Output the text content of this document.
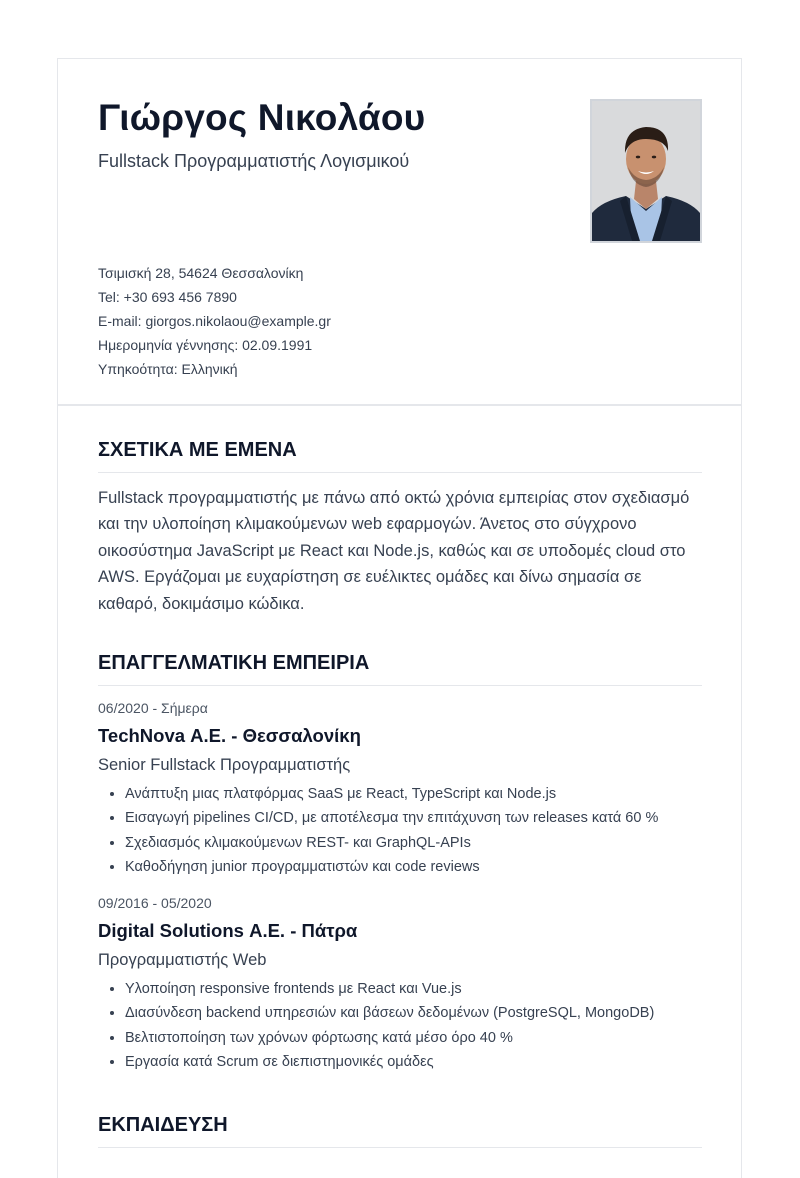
Γιώργος Νικολάου

Fullstack Προγραμματιστής Λογισμικού

Τσιμισκή 28, 54624 Θεσσαλονίκη
Tel: +30 693 456 7890
E-mail: giorgos.nikolaou@example.gr
Ημερομηνία γέννησης: 02.09.1991
Υπηκοότητα: Ελληνική
ΣΧΕΤΙΚΑ ΜΕ ΕΜΕΝΑ

Fullstack προγραμματιστής με πάνω από οκτώ χρόνια εμπειρίας στον σχεδιασμό και την υλοποίηση κλιμακούμενων web εφαρμογών. Άνετος στο σύγχρονο οικοσύστημα JavaScript με React και Node.js, καθώς και σε υποδομές cloud στο AWS. Εργάζομαι με ευχαρίστηση σε ευέλικτες ομάδες και δίνω σημασία σε καθαρό, δοκιμάσιμο κώδικα.

ΕΠΑΓΓΕΛΜΑΤΙΚΗ ΕΜΠΕΙΡΙΑ
06/2020 - Σήμερα
TechNova Α.Ε. - Θεσσαλονίκη
Senior Fullstack Προγραμματιστής
• Ανάπτυξη μιας πλατφόρμας SaaS με React, TypeScript και Node.js
• Εισαγωγή pipelines CI/CD, με αποτέλεσμα την επιτάχυνση των releases κατά 60 %
• Σχεδιασμός κλιμακούμενων REST- και GraphQL-APIs
• Καθοδήγηση junior προγραμματιστών και code reviews
09/2016 - 05/2020
Digital Solutions Α.Ε. - Πάτρα
Προγραμματιστής Web
• Υλοποίηση responsive frontends με React και Vue.js
• Διασύνδεση backend υπηρεσιών και βάσεων δεδομένων (PostgreSQL, MongoDB)
• Βελτιστοποίηση των χρόνων φόρτωσης κατά μέσο όρο 40 %
• Εργασία κατά Scrum σε διεπιστημονικές ομάδες
ΕΚΠΑΙΔΕΥΣΗ
